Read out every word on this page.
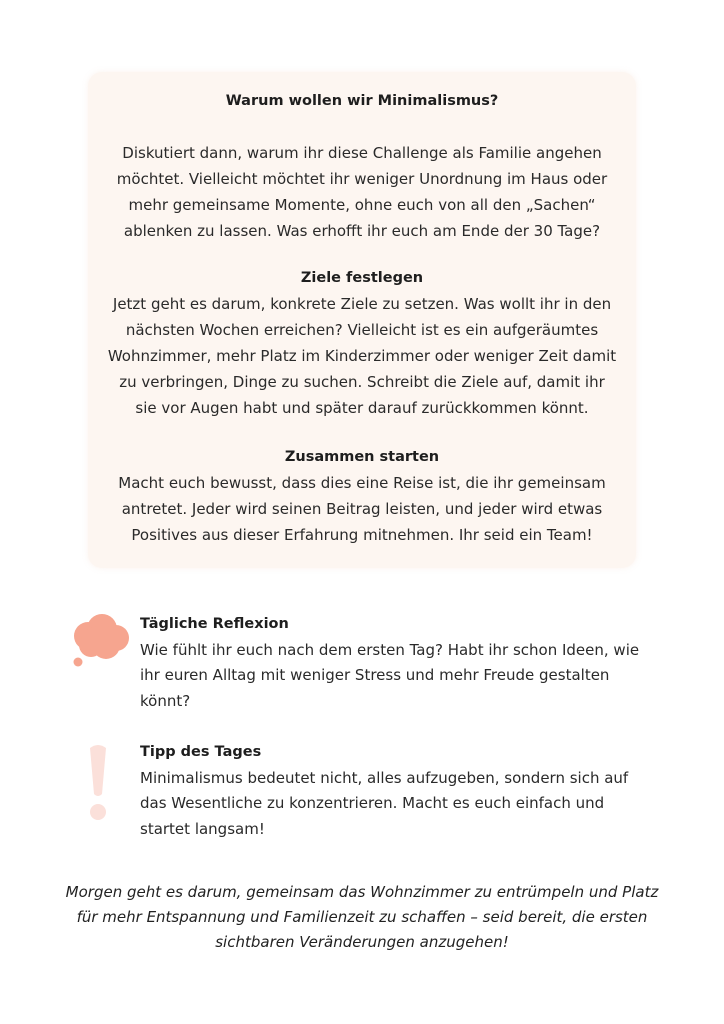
Warum wollen wir Minimalismus?

Diskutiert dann, warum ihr diese Challenge als Familie angehen

möchtet. Vielleicht möchtet ihr weniger Unordnung im Haus oder

mehr gemeinsame Momente, ohne euch von all den „Sachen“

ablenken zu lassen. Was erhofft ihr euch am Ende der 30 Tage?

Ziele festlegen

Jetzt geht es darum, konkrete Ziele zu setzen. Was wollt ihr in den

nächsten Wochen erreichen? Vielleicht ist es ein aufgeräumtes

Wohnzimmer, mehr Platz im Kinderzimmer oder weniger Zeit damit

zu verbringen, Dinge zu suchen. Schreibt die Ziele auf, damit ihr

sie vor Augen habt und später darauf zurückkommen könnt.

Zusammen starten

Macht euch bewusst, dass dies eine Reise ist, die ihr gemeinsam

antretet. Jeder wird seinen Beitrag leisten, und jeder wird etwas

Positives aus dieser Erfahrung mitnehmen. Ihr seid ein Team!

Tägliche Reflexion

Wie fühlt ihr euch nach dem ersten Tag? Habt ihr schon Ideen, wie

ihr euren Alltag mit weniger Stress und mehr Freude gestalten

könnt?

Tipp des Tages

Minimalismus bedeutet nicht, alles aufzugeben, sondern sich auf

das Wesentliche zu konzentrieren. Macht es euch einfach und

startet langsam!

Morgen geht es darum, gemeinsam das Wohnzimmer zu entrümpeln und Platz

für mehr Entspannung und Familienzeit zu schaffen – seid bereit, die ersten

sichtbaren Veränderungen anzugehen!
